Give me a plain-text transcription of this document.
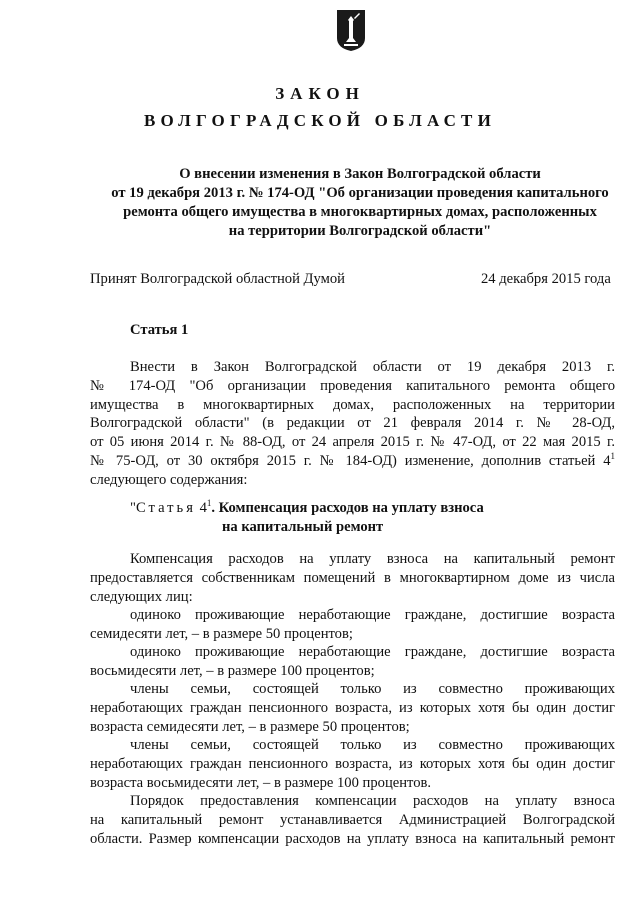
ЗАКОН
ВОЛГОГРАДСКОЙ ОБЛАСТИ
О внесении изменения в Закон Волгоградской области
от 19 декабря 2013 г. № 174-ОД "Об организации проведения капитального
ремонта общего имущества в многоквартирных домах, расположенных
на территории Волгоградской области"
Принят Волгоградской областной Думой	24 декабря 2015 года
Статья 1
Внести в Закон Волгоградской области от 19 декабря 2013 г.
№ 174-ОД "Об организации проведения капитального ремонта общего
имущества в многоквартирных домах, расположенных на территории
Волгоградской области" (в редакции от 21 февраля 2014 г. № 28-ОД,
от 05 июня 2014 г. № 88-ОД, от 24 апреля 2015 г. № 47-ОД, от 22 мая 2015 г.
№ 75-ОД, от 30 октября 2015 г. № 184-ОД) изменение, дополнив статьей $4^1$
следующего содержания:
"Статья $4^1$. Компенсация расходов на уплату взноса
на капитальный ремонт
Компенсация расходов на уплату взноса на капитальный ремонт
предоставляется собственникам помещений в многоквартирном доме из числа
следующих лиц:
одиноко проживающие неработающие граждане, достигшие возраста
семидесяти лет, – в размере 50 процентов;
одиноко проживающие неработающие граждане, достигшие возраста
восьмидесяти лет, – в размере 100 процентов;
члены семьи, состоящей только из совместно проживающих
неработающих граждан пенсионного возраста, из которых хотя бы один достиг
возраста семидесяти лет, – в размере 50 процентов;
члены семьи, состоящей только из совместно проживающих
неработающих граждан пенсионного возраста, из которых хотя бы один достиг
возраста восьмидесяти лет, – в размере 100 процентов.
Порядок предоставления компенсации расходов на уплату взноса
на капитальный ремонт устанавливается Администрацией Волгоградской
области. Размер компенсации расходов на уплату взноса на капитальный ремонт
